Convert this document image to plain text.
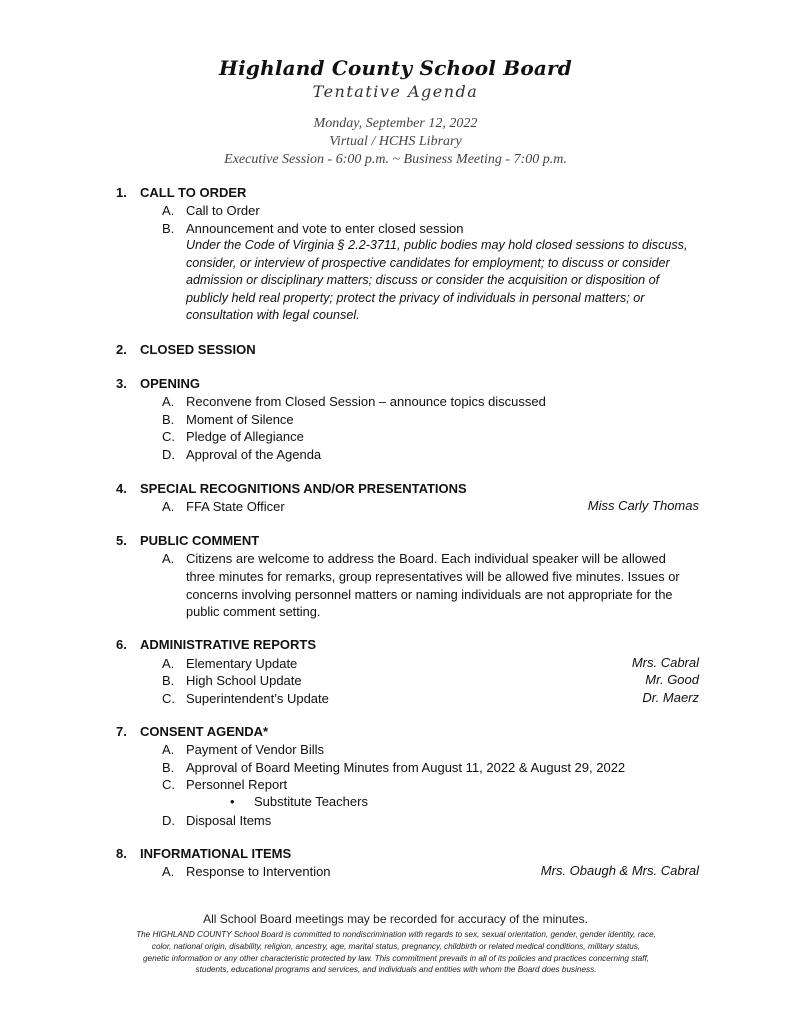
Highland County School Board
Tentative Agenda
Monday, September 12, 2022
Virtual / HCHS Library
Executive Session - 6:00 p.m. ~ Business Meeting - 7:00 p.m.
1. CALL TO ORDER
A. Call to Order
B. Announcement and vote to enter closed session
Under the Code of Virginia § 2.2-3711, public bodies may hold closed sessions to discuss,
consider, or interview of prospective candidates for employment; to discuss or consider
admission or disciplinary matters; discuss or consider the acquisition or disposition of
publicly held real property; protect the privacy of individuals in personal matters; or
consultation with legal counsel.
2. CLOSED SESSION
3. OPENING
A. Reconvene from Closed Session – announce topics discussed
B. Moment of Silence
C. Pledge of Allegiance
D. Approval of the Agenda
4. SPECIAL RECOGNITIONS AND/OR PRESENTATIONS
A. FFA State Officer	Miss Carly Thomas
5. PUBLIC COMMENT
A. Citizens are welcome to address the Board. Each individual speaker will be allowed
three minutes for remarks, group representatives will be allowed five minutes. Issues or
concerns involving personnel matters or naming individuals are not appropriate for the
public comment setting.
6. ADMINISTRATIVE REPORTS
A. Elementary Update	Mrs. Cabral
B. High School Update	Mr. Good
C. Superintendent’s Update	Dr. Maerz
7. CONSENT AGENDA*
A. Payment of Vendor Bills
B. Approval of Board Meeting Minutes from August 11, 2022 & August 29, 2022
C. Personnel Report
• Substitute Teachers
D. Disposal Items
8. INFORMATIONAL ITEMS
A. Response to Intervention	Mrs. Obaugh & Mrs. Cabral
All School Board meetings may be recorded for accuracy of the minutes.
The HIGHLAND COUNTY School Board is committed to nondiscrimination with regards to sex, sexual orientation, gender, gender identity, race,
color, national origin, disability, religion, ancestry, age, marital status, pregnancy, childbirth or related medical conditions, military status,
genetic information or any other characteristic protected by law. This commitment prevails in all of its policies and practices concerning staff,
students, educational programs and services, and individuals and entities with whom the Board does business.
